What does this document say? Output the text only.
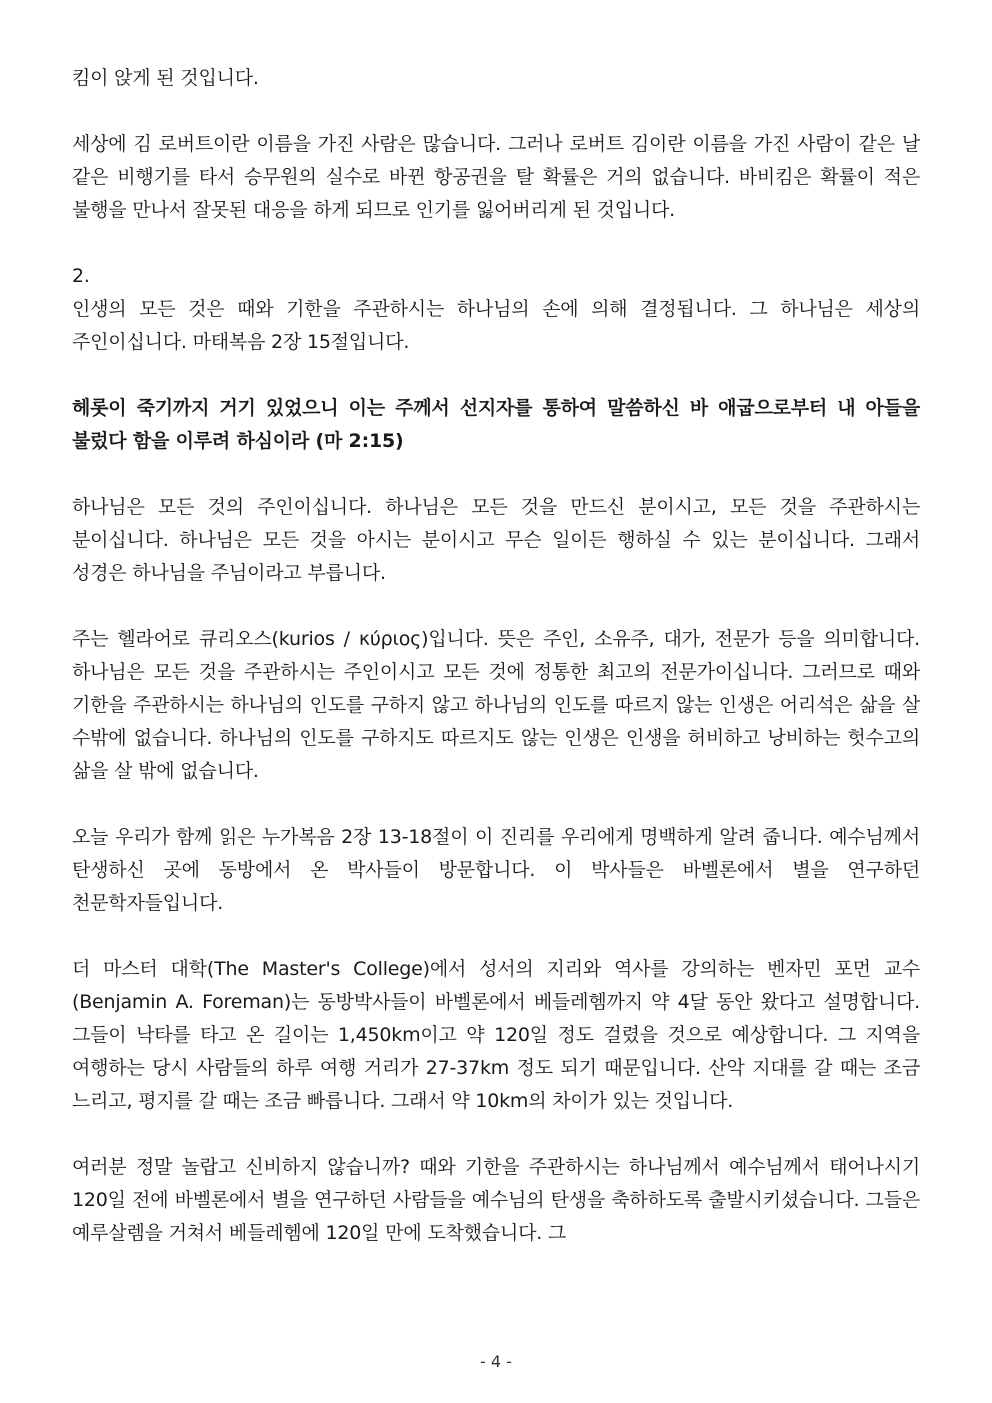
킴이 앉게 된 것입니다.

세상에 김 로버트이란 이름을 가진 사람은 많습니다. 그러나 로버트 김이란 이름을 가진 사람이 같은 날 같은 비행기를 타서 승무원의 실수로 바뀐 항공권을 탈 확률은 거의 없습니다. 바비킴은 확률이 적은 불행을 만나서 잘못된 대응을 하게 되므로 인기를 잃어버리게 된 것입니다.

2.

인생의 모든 것은 때와 기한을 주관하시는 하나님의 손에 의해 결정됩니다. 그 하나님은 세상의 주인이십니다. 마태복음 2장 15절입니다.

헤롯이 죽기까지 거기 있었으니 이는 주께서 선지자를 통하여 말씀하신 바 애굽으로부터 내 아들을 불렀다 함을 이루려 하심이라 (마 2:15)

하나님은 모든 것의 주인이십니다. 하나님은 모든 것을 만드신 분이시고, 모든 것을 주관하시는 분이십니다. 하나님은 모든 것을 아시는 분이시고 무슨 일이든 행하실 수 있는 분이십니다. 그래서 성경은 하나님을 주님이라고 부릅니다.

주는 헬라어로 큐리오스(kurios / κύριος)입니다. 뜻은 주인, 소유주, 대가, 전문가 등을 의미합니다. 하나님은 모든 것을 주관하시는 주인이시고 모든 것에 정통한 최고의 전문가이십니다. 그러므로 때와 기한을 주관하시는 하나님의 인도를 구하지 않고 하나님의 인도를 따르지 않는 인생은 어리석은 삶을 살 수밖에 없습니다. 하나님의 인도를 구하지도 따르지도 않는 인생은 인생을 허비하고 낭비하는 헛수고의 삶을 살 밖에 없습니다.

오늘 우리가 함께 읽은 누가복음 2장 13-18절이 이 진리를 우리에게 명백하게 알려 줍니다. 예수님께서 탄생하신 곳에 동방에서 온 박사들이 방문합니다. 이 박사들은 바벨론에서 별을 연구하던 천문학자들입니다.

더 마스터 대학(The Master's College)에서 성서의 지리와 역사를 강의하는 벤자민 포먼 교수(Benjamin A. Foreman)는 동방박사들이 바벨론에서 베들레헴까지 약 4달 동안 왔다고 설명합니다. 그들이 낙타를 타고 온 길이는 1,450km이고 약 120일 정도 걸렸을 것으로 예상합니다. 그 지역을 여행하는 당시 사람들의 하루 여행 거리가 27-37km 정도 되기 때문입니다. 산악 지대를 갈 때는 조금 느리고, 평지를 갈 때는 조금 빠릅니다. 그래서 약 10km의 차이가 있는 것입니다.

여러분 정말 놀랍고 신비하지 않습니까? 때와 기한을 주관하시는 하나님께서 예수님께서 태어나시기 120일 전에 바벨론에서 별을 연구하던 사람들을 예수님의 탄생을 축하하도록 출발시키셨습니다. 그들은 예루살렘을 거쳐서 베들레헴에 120일 만에 도착했습니다. 그

- 4 -
